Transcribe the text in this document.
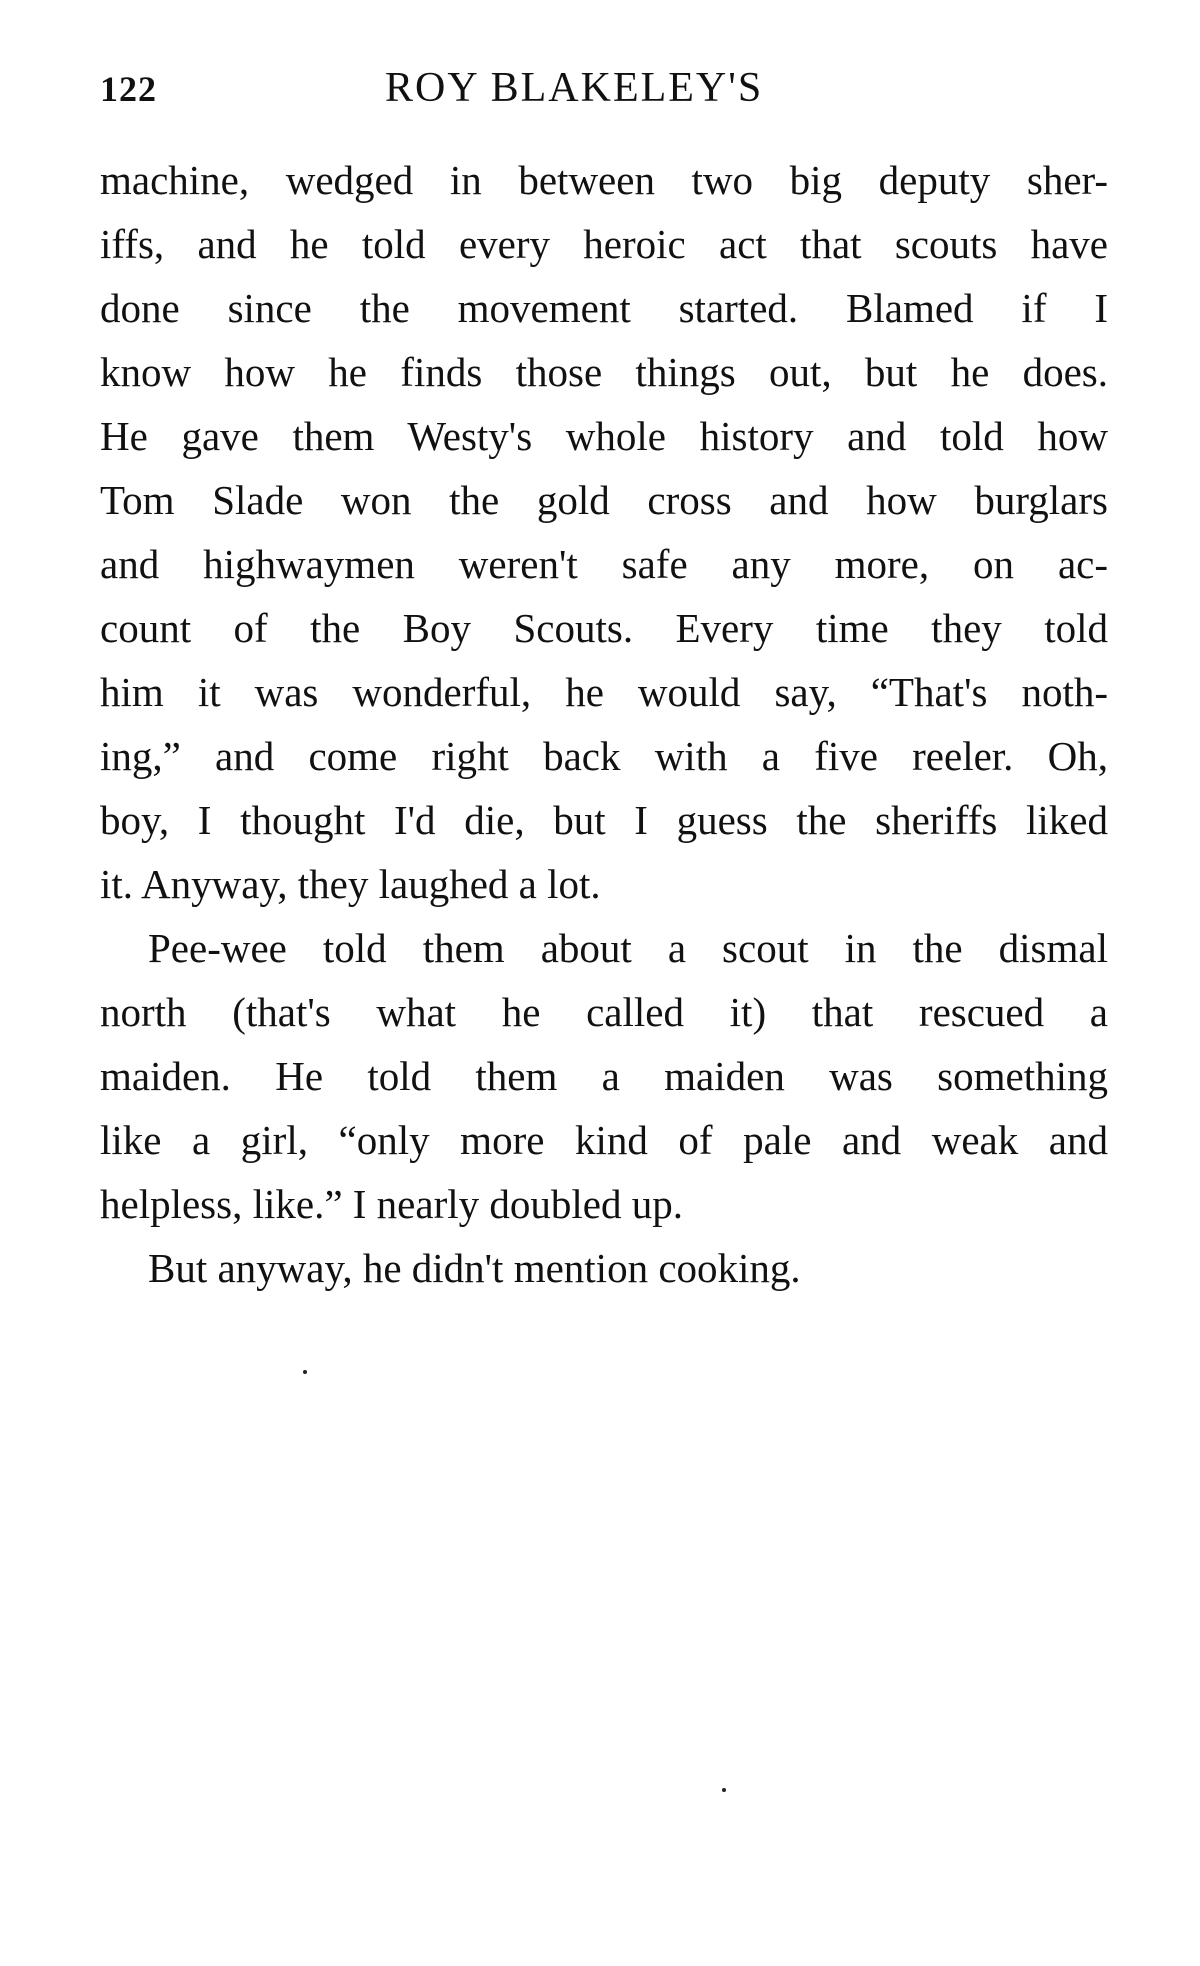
122	ROY BLAKELEY'S
machine, wedged in between two big deputy sher-
iffs, and he told every heroic act that scouts have
done since the movement started. Blamed if I
know how he finds those things out, but he does.
He gave them Westy's whole history and told how
Tom Slade won the gold cross and how burglars
and highwaymen weren't safe any more, on ac-
count of the Boy Scouts. Every time they told
him it was wonderful, he would say, “That's noth-
ing,” and come right back with a five reeler. Oh,
boy, I thought I'd die, but I guess the sheriffs liked
it. Anyway, they laughed a lot.
Pee-wee told them about a scout in the dismal
north (that's what he called it) that rescued a
maiden. He told them a maiden was something
like a girl, “only more kind of pale and weak and
helpless, like.” I nearly doubled up.
But anyway, he didn't mention cooking.
